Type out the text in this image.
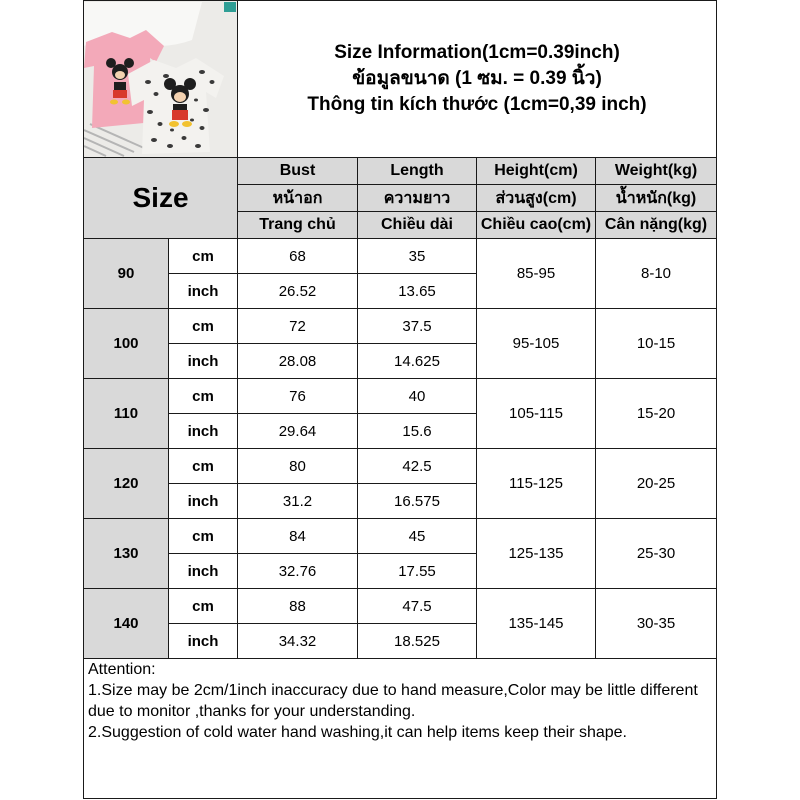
Size Information(1cm=0.39inch)
ข้อมูลขนาด (1 ซม. = 0.39 นิ้ว)
Thông tin kích thước (1cm=0,39 inch)			

Size		Bust	Length	Height(cm)	Weight(kg)
		หน้าอก	ความยาว	ส่วนสูง(cm)	น้ำหนัก(kg)
		Trang chủ	Chiều dài	Chiều cao(cm)	Cân nặng(kg)
90	cm	68	35	85-95	8-10
	inch	26.52	13.65		
100	cm	72	37.5	95-105	10-15
	inch	28.08	14.625		
110	cm	76	40	105-115	15-20
	inch	29.64	15.6		
120	cm	80	42.5	115-125	20-25
	inch	31.2	16.575		
130	cm	84	45	125-135	25-30
	inch	32.76	17.55		
140	cm	88	47.5	135-145	30-35
	inch	34.32	18.525		

Attention:
1.Size may be 2cm/1inch inaccuracy due to hand measure,Color may be little different due to monitor ,thanks for your understanding.
2.Suggestion of cold water hand washing,it can help items keep their shape.					
